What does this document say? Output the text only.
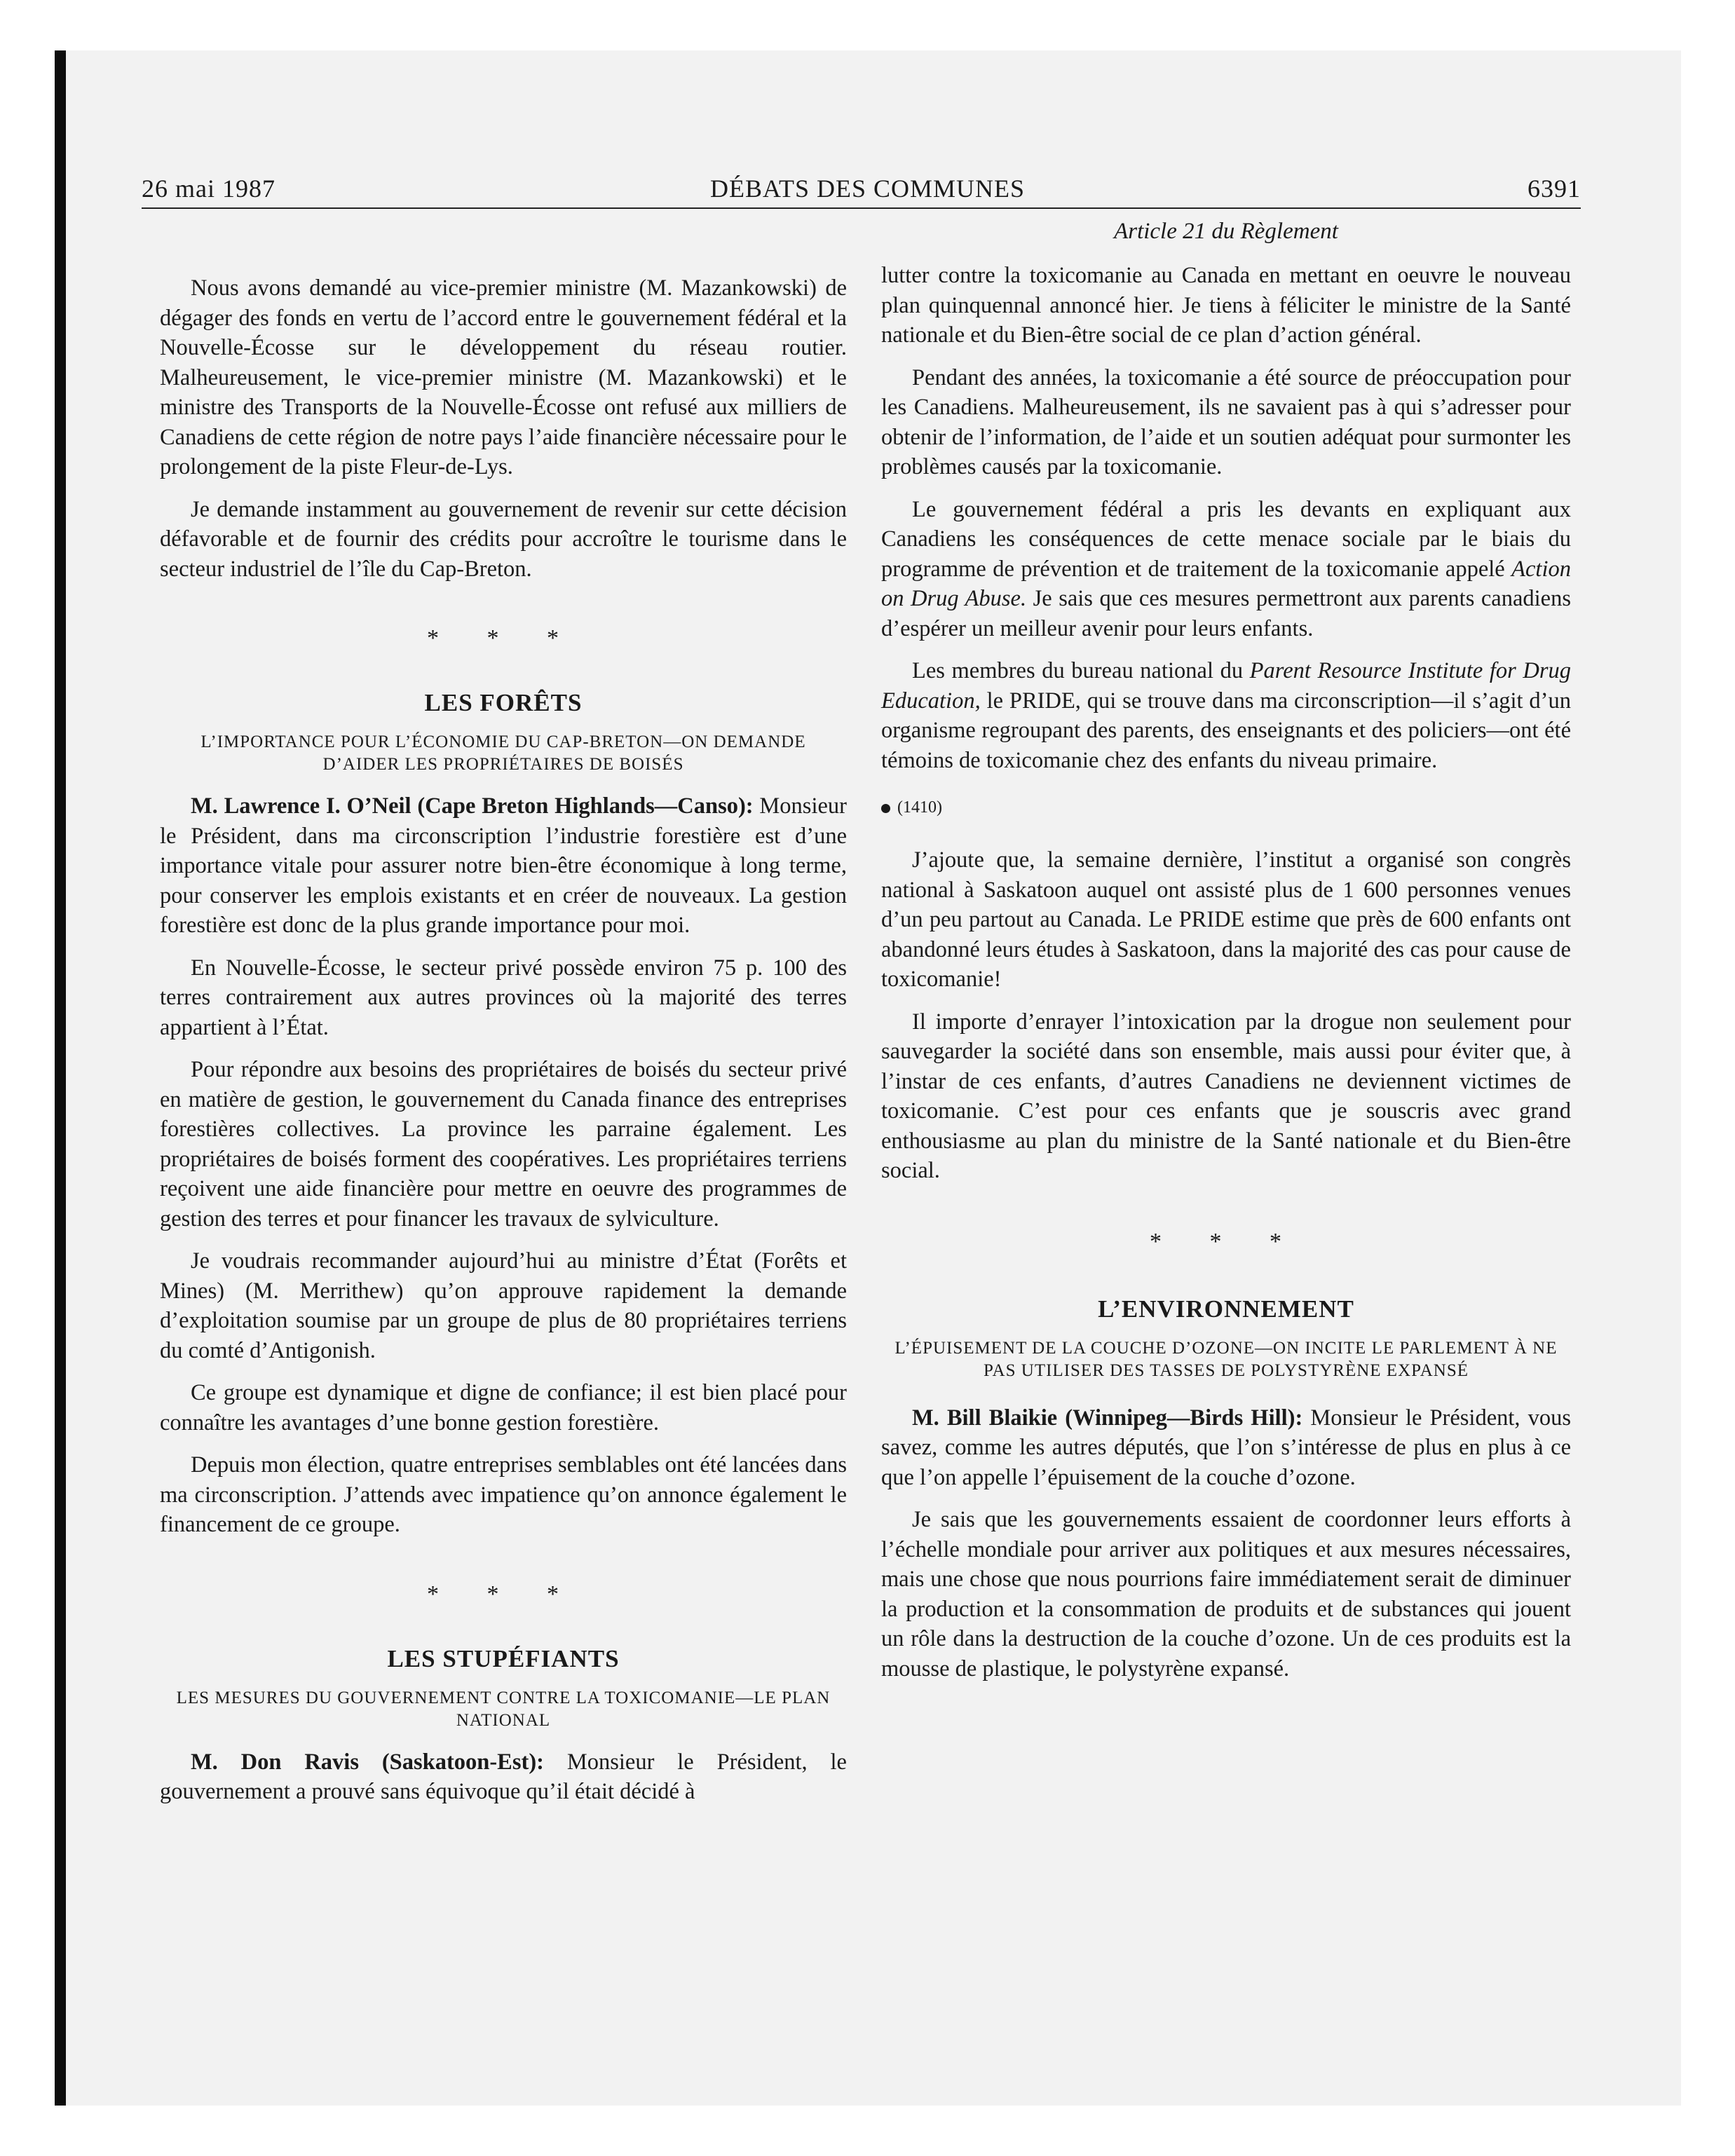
26 mai 1987	DÉBATS DES COMMUNES	6391

Nous avons demandé au vice-premier ministre (M. Mazankowski) de dégager des fonds en vertu de l’accord entre le gouvernement fédéral et la Nouvelle-Écosse sur le développement du réseau routier. Malheureusement, le vice-premier ministre (M. Mazankowski) et le ministre des Transports de la Nouvelle-Écosse ont refusé aux milliers de Canadiens de cette région de notre pays l’aide financière nécessaire pour le prolongement de la piste Fleur-de-Lys.

Je demande instamment au gouvernement de revenir sur cette décision défavorable et de fournir des crédits pour accroître le tourisme dans le secteur industriel de l’île du Cap-Breton.

* * *
LES FORÊTS
L’IMPORTANCE POUR L’ÉCONOMIE DU CAP-BRETON—ON DEMANDE D’AIDER LES PROPRIÉTAIRES DE BOISÉS

M. Lawrence I. O’Neil (Cape Breton Highlands—Canso): Monsieur le Président, dans ma circonscription l’industrie forestière est d’une importance vitale pour assurer notre bien-être économique à long terme, pour conserver les emplois existants et en créer de nouveaux. La gestion forestière est donc de la plus grande importance pour moi.

En Nouvelle-Écosse, le secteur privé possède environ 75 p. 100 des terres contrairement aux autres provinces où la majorité des terres appartient à l’État.

Pour répondre aux besoins des propriétaires de boisés du secteur privé en matière de gestion, le gouvernement du Canada finance des entreprises forestières collectives. La province les parraine également. Les propriétaires de boisés forment des coopératives. Les propriétaires terriens reçoivent une aide financière pour mettre en oeuvre des programmes de gestion des terres et pour financer les travaux de sylviculture.

Je voudrais recommander aujourd’hui au ministre d’État (Forêts et Mines) (M. Merrithew) qu’on approuve rapidement la demande d’exploitation soumise par un groupe de plus de 80 propriétaires terriens du comté d’Antigonish.

Ce groupe est dynamique et digne de confiance; il est bien placé pour connaître les avantages d’une bonne gestion forestière.

Depuis mon élection, quatre entreprises semblables ont été lancées dans ma circonscription. J’attends avec impatience qu’on annonce également le financement de ce groupe.

* * *
LES STUPÉFIANTS
LES MESURES DU GOUVERNEMENT CONTRE LA TOXICOMANIE—LE PLAN NATIONAL

M. Don Ravis (Saskatoon-Est): Monsieur le Président, le gouvernement a prouvé sans équivoque qu’il était décidé à

Article 21 du Règlement

lutter contre la toxicomanie au Canada en mettant en oeuvre le nouveau plan quinquennal annoncé hier. Je tiens à féliciter le ministre de la Santé nationale et du Bien-être social de ce plan d’action général.

Pendant des années, la toxicomanie a été source de préoccupation pour les Canadiens. Malheureusement, ils ne savaient pas à qui s’adresser pour obtenir de l’information, de l’aide et un soutien adéquat pour surmonter les problèmes causés par la toxicomanie.

Le gouvernement fédéral a pris les devants en expliquant aux Canadiens les conséquences de cette menace sociale par le biais du programme de prévention et de traitement de la toxicomanie appelé Action on Drug Abuse. Je sais que ces mesures permettront aux parents canadiens d’espérer un meilleur avenir pour leurs enfants.

Les membres du bureau national du Parent Resource Institute for Drug Education, le PRIDE, qui se trouve dans ma circonscription—il s’agit d’un organisme regroupant des parents, des enseignants et des policiers—ont été témoins de toxicomanie chez des enfants du niveau primaire.

(1410)

J’ajoute que, la semaine dernière, l’institut a organisé son congrès national à Saskatoon auquel ont assisté plus de 1 600 personnes venues d’un peu partout au Canada. Le PRIDE estime que près de 600 enfants ont abandonné leurs études à Saskatoon, dans la majorité des cas pour cause de toxicomanie!

Il importe d’enrayer l’intoxication par la drogue non seulement pour sauvegarder la société dans son ensemble, mais aussi pour éviter que, à l’instar de ces enfants, d’autres Canadiens ne deviennent victimes de toxicomanie. C’est pour ces enfants que je souscris avec grand enthousiasme au plan du ministre de la Santé nationale et du Bien-être social.

* * *
L’ENVIRONNEMENT
L’ÉPUISEMENT DE LA COUCHE D’OZONE—ON INCITE LE PARLEMENT À NE PAS UTILISER DES TASSES DE POLYSTYRÈNE EXPANSÉ

M. Bill Blaikie (Winnipeg—Birds Hill): Monsieur le Président, vous savez, comme les autres députés, que l’on s’intéresse de plus en plus à ce que l’on appelle l’épuisement de la couche d’ozone.

Je sais que les gouvernements essaient de coordonner leurs efforts à l’échelle mondiale pour arriver aux politiques et aux mesures nécessaires, mais une chose que nous pourrions faire immédiatement serait de diminuer la production et la consommation de produits et de substances qui jouent un rôle dans la destruction de la couche d’ozone. Un de ces produits est la mousse de plastique, le polystyrène expansé.
